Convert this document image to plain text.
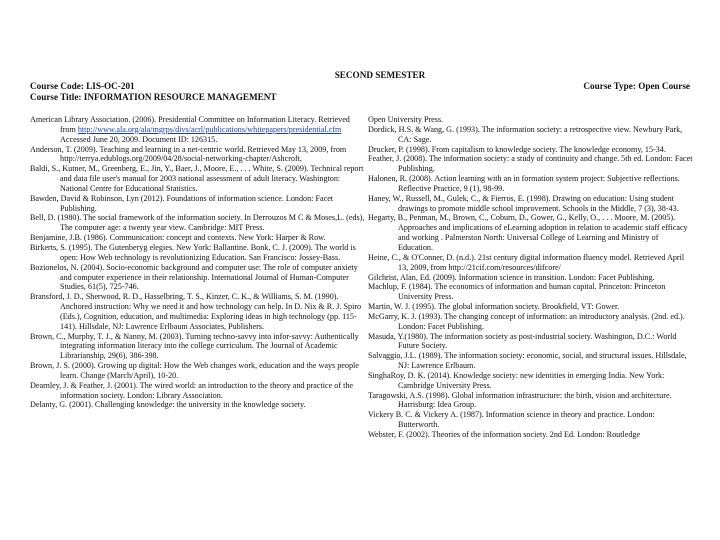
SECOND SEMESTER
Course Code: LIS-OC-201	Course Type: Open Course
Course Title: INFORMATION RESOURCE MANAGEMENT
American Library Association. (2006). Presidential Committee on Information Literacy. Retrieved from http://www.ala.org/ala/mgrps/divs/acrl/publications/whitepapers/presidential.cfm Accessed June 20, 2009. Document ID: 126315.
Anderson, T. (2009). Teaching and learning in a net-centric world. Retrieved May 13, 2009, from http://terrya.edublogs.org/2009/04/28/social-networking-chapter/Ashcroft,
Baldi, S., Kutner, M., Greenberg, E., Jin, Y., Baer, J., Moore, E., . . . White, S. (2009). Technical report and data file user's manual for 2003 national assessment of adult literacy. Washington: National Centre for Educational Statistics.
Bawden, David & Robinson, Lyn (2012). Foundations of information science. London: Facet Publishing.
Bell, D. (1980). The social framework of the information society. In Derrouzos M C & Moses,L. (eds), The computer age: a twenty year view. Cambridge: MIT Press.
Benjamine, J.B. (1986). Communication: concept and contexts. New York: Harper & Row.
Birkerts, S. (1995). The Gutenberyg elegies. New York: Ballantine. Bonk, C. J. (2009). The world is open: How Web technology is revolutionizing Education. San Francisco: Jossey-Bass.
Bozionelos, N. (2004). Socio-economic background and computer use: The role of computer anxiety and computer experience in their relationship. International Journal of Human-Computer Studies, 61(5), 725-746.
Bransford, J. D., Sherwood, R. D., Hasselbring, T. S., Kinzer, C. K., & Williams, S. M. (1990). Anchored instruction: Why we need it and how technology can help. In D. Nix & R. J. Spiro (Eds.), Cognition, education, and multimedia: Exploring ideas in high technology (pp. 115-141). Hillsdale, NJ: Lawrence Erlbaum Associates, Publishers.
Brown, C., Murphy, T. J., & Nanny, M. (2003). Turning techno-savvy into infor-savvy: Authentically integrating information literacy into the college curriculum. The Journal of Academic Librarianship, 29(6), 386-398.
Brown, J. S. (2000). Growing up digital: How the Web changes work, education and the ways people learn. Change (March/April), 10-20.
Dearnley, J. & Feather, J. (2001). The wired world: an introduction to the theory and practice of the information society. London: Library Association.
Delanty, G. (2001). Challenging knowledge: the university in the knowledge society.
Open University Press.
Dordick, H.S. & Wang, G. (1993). The information society: a retrospective view. Newbury Park, CA: Sage.
Drucker, P. (1998). From capitalism to knowledge society. The knowledge economy, 15-34.
Feather, J. (2008). The information society: a study of continuity and change. 5th ed. London: Facet Publishing.
Halonen, R. (2008). Action learning with an in formation system project: Subjective reflections. Reflective Practice, 9 (1), 98-99.
Haney, W., Russell, M., Gulek, C., & Fierros, E. (1998). Drawing on education: Using student drawings to promote middle school improvement. Schools in the Middle, 7 (3), 38-43.
Hegarty, B., Penman, M., Brown, C., Coburn, D., Gower, G., Kelly, O., . . . Moore, M. (2005). Approaches and implications of eLearning adoption in relation to academic staff efficacy and working . Palmerston North: Universal College of Learning and Ministry of Education.
Heine, C., & O'Conner, D. (n.d.). 21st century digital information fluency model. Retrieved April 13, 2009, from http://21cif.com/resources/difcore/
Gilchrist, Alan, Ed. (2009). Information science in transition. London: Facet Publishing.
Machlup, F. (1984). The economics of information and human capital. Princeton: Princeton University Press.
Martin, W. J. (1995). The global information society. Brookfield, VT: Gower.
McGarry, K. J. (1993). The changing concept of information: an introductory analysis. (2nd. ed.). London: Facet Publishing.
Masuda, Y.(1980). The information society as post-industrial society. Washington, D.C.: World Future Society.
Salvaggio, J.L. (1989). The information society: economic, social, and structural issues. Hillsdale, NJ: Lawrence Erlbaum.
SinghaRoy, D. K. (2014). Knowledge society: new identities in emerging India. New York: Cambridge University Press.
Taragowski, A.S. (1998). Global information infrastructure: the birth, vision and architecture. Harrisburg: Idea Group.
Vickery B. C. & Vickery A. (1987). Information science in theory and practice. London: Butterworth.
Webster, F. (2002). Theories of the information society. 2nd Ed. London: Routledge
